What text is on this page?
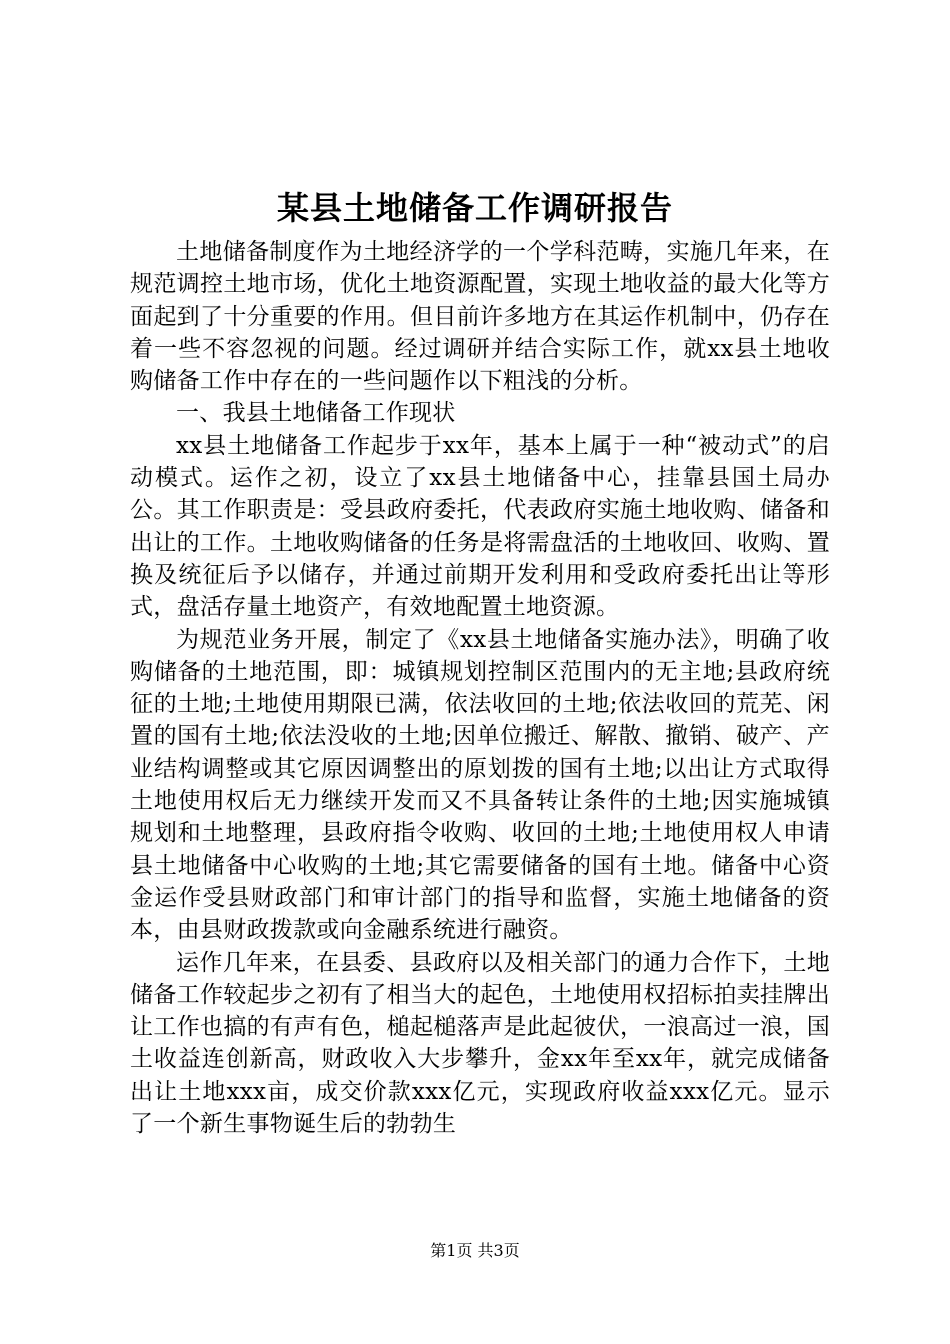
某县土地储备工作调研报告

土地储备制度作为土地经济学的一个学科范畴，实施几年来，在规范调控土地市场，优化土地资源配置，实现土地收益的最大化等方面起到了十分重要的作用。但目前许多地方在其运作机制中，仍存在着一些不容忽视的问题。经过调研并结合实际工作，就xx县土地收购储备工作中存在的一些问题作以下粗浅的分析。

一、我县土地储备工作现状

xx县土地储备工作起步于xx年，基本上属于一种“被动式”的启动模式。运作之初，设立了xx县土地储备中心，挂靠县国土局办公。其工作职责是：受县政府委托，代表政府实施土地收购、储备和出让的工作。土地收购储备的任务是将需盘活的土地收回、收购、置换及统征后予以储存，并通过前期开发利用和受政府委托出让等形式，盘活存量土地资产，有效地配置土地资源。

为规范业务开展，制定了《xx县土地储备实施办法》，明确了收购储备的土地范围，即：城镇规划控制区范围内的无主地;县政府统征的土地;土地使用期限已满，依法收回的土地;依法收回的荒芜、闲置的国有土地;依法没收的土地;因单位搬迁、解散、撤销、破产、产业结构调整或其它原因调整出的原划拨的国有土地;以出让方式取得土地使用权后无力继续开发而又不具备转让条件的土地;因实施城镇规划和土地整理，县政府指令收购、收回的土地;土地使用权人申请县土地储备中心收购的土地;其它需要储备的国有土地。储备中心资金运作受县财政部门和审计部门的指导和监督，实施土地储备的资本，由县财政拨款或向金融系统进行融资。

运作几年来，在县委、县政府以及相关部门的通力合作下，土地储备工作较起步之初有了相当大的起色，土地使用权招标拍卖挂牌出让工作也搞的有声有色，槌起槌落声是此起彼伏，一浪高过一浪，国土收益连创新高，财政收入大步攀升，金xx年至xx年，就完成储备出让土地xxx亩，成交价款xxx亿元，实现政府收益xxx亿元。显示了一个新生事物诞生后的勃勃生

第1页 共3页
